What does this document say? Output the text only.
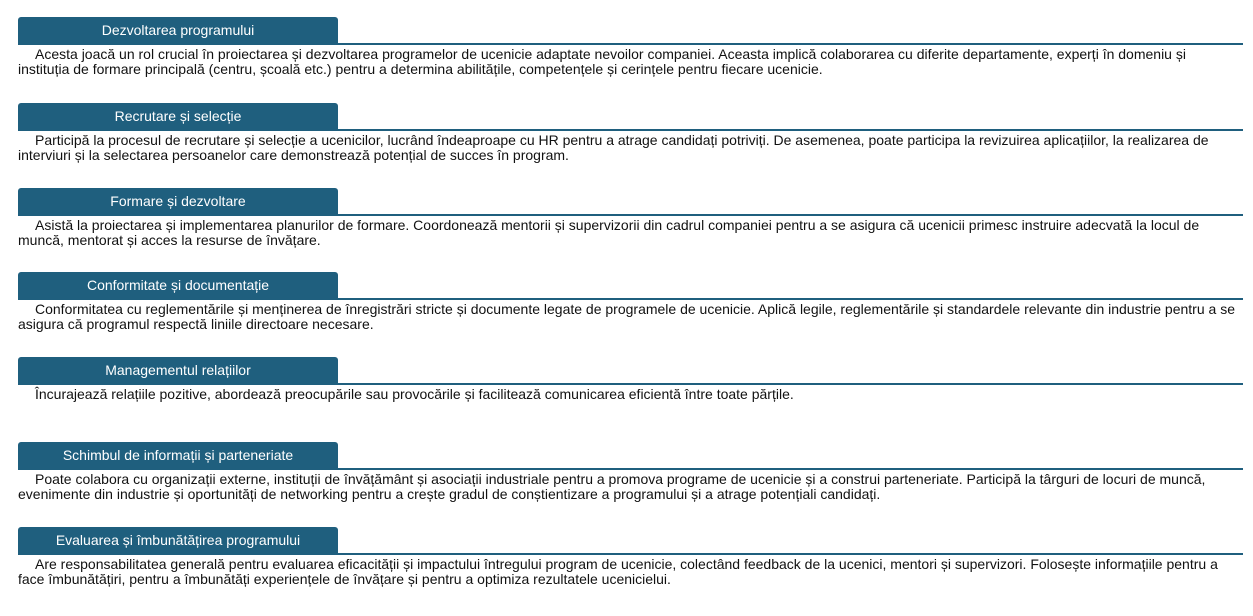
Dezvoltarea programului
Acesta joacă un rol crucial în proiectarea și dezvoltarea programelor de ucenicie adaptate nevoilor companiei. Aceasta implică colaborarea cu diferite departamente, experți în domeniu și instituția de formare principală (centru, școală etc.) pentru a determina abilitățile, competențele și cerințele pentru fiecare ucenicie.
Recrutare și selecție
Participă la procesul de recrutare și selecție a ucenicilor, lucrând îndeaproape cu HR pentru a atrage candidați potriviți. De asemenea, poate participa la revizuirea aplicațiilor, la realizarea de interviuri și la selectarea persoanelor care demonstrează potențial de succes în program.
Formare și dezvoltare
Asistă la proiectarea și implementarea planurilor de formare. Coordonează mentorii și supervizorii din cadrul companiei pentru a se asigura că ucenicii primesc instruire adecvată la locul de muncă, mentorat și acces la resurse de învățare.
Conformitate și documentație
Conformitatea cu reglementările și menținerea de înregistrări stricte și documente legate de programele de ucenicie. Aplică legile, reglementările și standardele relevante din industrie pentru a se asigura că programul respectă liniile directoare necesare.
Managementul relațiilor
Încurajează relațiile pozitive, abordează preocupările sau provocările și facilitează comunicarea eficientă între toate părțile.
Schimbul de informații și parteneriate
Poate colabora cu organizații externe, instituții de învățământ și asociații industriale pentru a promova programe de ucenicie și a construi parteneriate. Participă la târguri de locuri de muncă, evenimente din industrie și oportunități de networking pentru a crește gradul de conștientizare a programului și a atrage potențiali candidați.
Evaluarea și îmbunătățirea programului
Are responsabilitatea generală pentru evaluarea eficacității și impactului întregului program de ucenicie, colectând feedback de la ucenici, mentori și supervizori. Folosește informațiile pentru a face îmbunătățiri, pentru a îmbunătăți experiențele de învățare și pentru a optimiza rezultatele ucenicielui.
